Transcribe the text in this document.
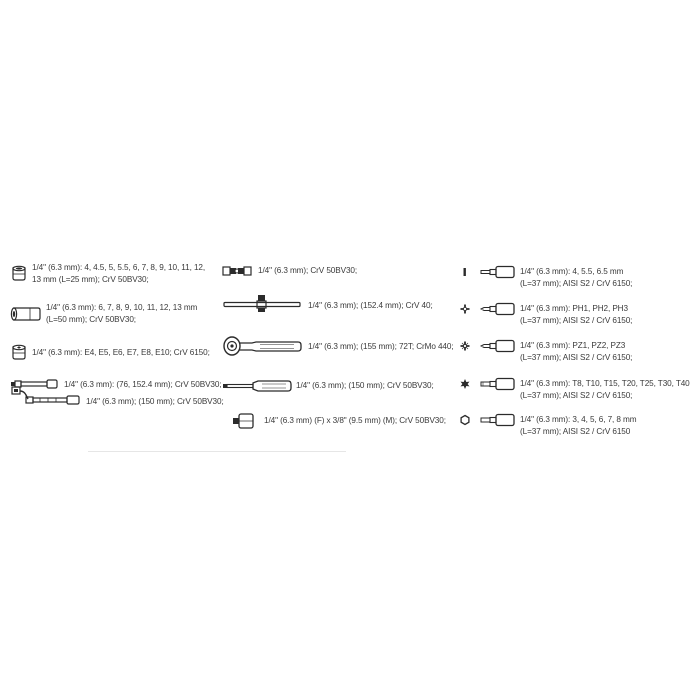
1/4" (6.3 mm): 4, 4.5, 5, 5.5, 6, 7, 8, 9, 10, 11, 12,
13 mm (L=25 mm); CrV 50BV30;
1/4" (6.3 mm): 6, 7, 8, 9, 10, 11, 12, 13 mm
(L=50 mm); CrV 50BV30;
1/4" (6.3 mm): E4, E5, E6, E7, E8, E10; CrV 6150;
1/4" (6.3 mm): (76, 152.4 mm); CrV 50BV30;
1/4" (6.3 mm); (150 mm); CrV 50BV30;
1/4" (6.3 mm); CrV 50BV30;
1/4" (6.3 mm); (152.4 mm); CrV 40;
1/4" (6.3 mm); (155 mm); 72T; CrMo 440;
1/4" (6.3 mm); (150 mm); CrV 50BV30;
1/4" (6.3 mm) (F) x 3/8" (9.5 mm) (M); CrV 50BV30;
1/4" (6.3 mm): 4, 5.5, 6.5 mm
(L=37 mm); AISI S2 / CrV 6150;
1/4" (6.3 mm): PH1, PH2, PH3
(L=37 mm); AISI S2 / CrV 6150;
1/4" (6.3 mm): PZ1, PZ2, PZ3
(L=37 mm); AISI S2 / CrV 6150;
1/4" (6.3 mm): T8, T10, T15, T20, T25, T30, T40
(L=37 mm); AISI S2 / CrV 6150;
1/4" (6.3 mm): 3, 4, 5, 6, 7, 8 mm
(L=37 mm); AISI S2 / CrV 6150
